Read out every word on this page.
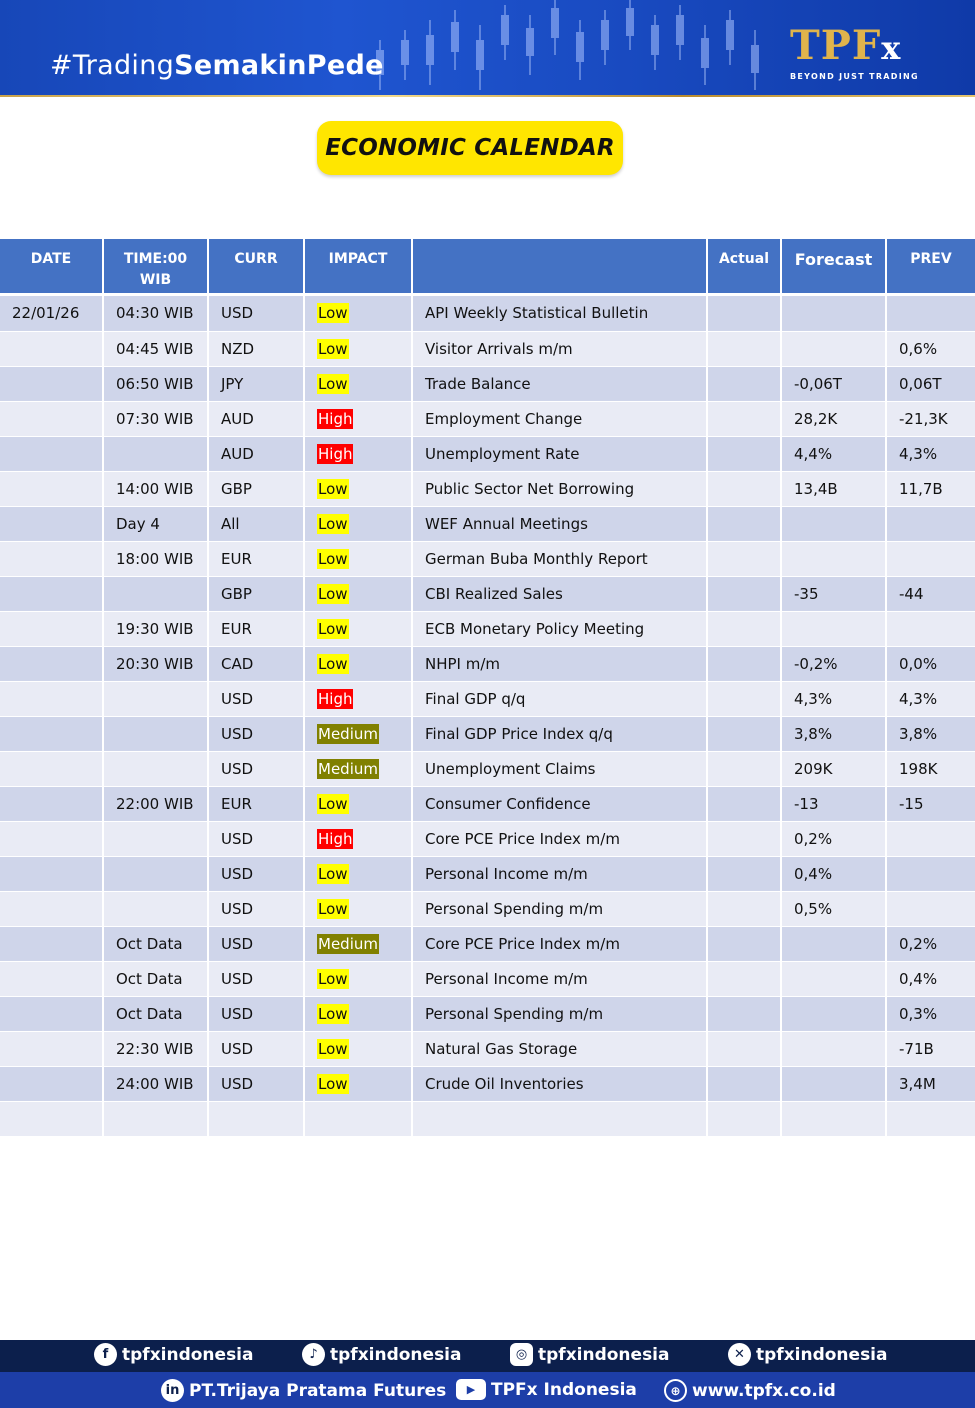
#TradingSemakinPede	TPFx
BEYOND JUST TRADING
ECONOMIC CALENDAR
DATE	TIME:00
WIB	CURR	IMPACT		Actual	Forecast	PREV
22/01/26	04:30 WIB	USD	Low	API Weekly Statistical Bulletin			
	04:45 WIB	NZD	Low	Visitor Arrivals m/m			0,6%
	06:50 WIB	JPY	Low	Trade Balance		-0,06T	0,06T
	07:30 WIB	AUD	High	Employment Change		28,2K	-21,3K
		AUD	High	Unemployment Rate		4,4%	4,3%
	14:00 WIB	GBP	Low	Public Sector Net Borrowing		13,4B	11,7B
	Day 4	All	Low	WEF Annual Meetings			
	18:00 WIB	EUR	Low	German Buba Monthly Report			
		GBP	Low	CBI Realized Sales		-35	-44
	19:30 WIB	EUR	Low	ECB Monetary Policy Meeting			
	20:30 WIB	CAD	Low	NHPI m/m		-0,2%	0,0%
		USD	High	Final GDP q/q		4,3%	4,3%
		USD	Medium	Final GDP Price Index q/q		3,8%	3,8%
		USD	Medium	Unemployment Claims		209K	198K
	22:00 WIB	EUR	Low	Consumer Confidence		-13	-15
		USD	High	Core PCE Price Index m/m		0,2%	
		USD	Low	Personal Income m/m		0,4%	
		USD	Low	Personal Spending m/m		0,5%	
	Oct Data	USD	Medium	Core PCE Price Index m/m			0,2%
	Oct Data	USD	Low	Personal Income m/m			0,4%
	Oct Data	USD	Low	Personal Spending m/m			0,3%
	22:30 WIB	USD	Low	Natural Gas Storage			-71B
	24:00 WIB	USD	Low	Crude Oil Inventories			3,4M

f tpfxindonesia	♪ tpfxindonesia	◎ tpfxindonesia	✕ tpfxindonesia
in PT.Trijaya Pratama Futures	▶ TPFx Indonesia	⊕ www.tpfx.co.id
